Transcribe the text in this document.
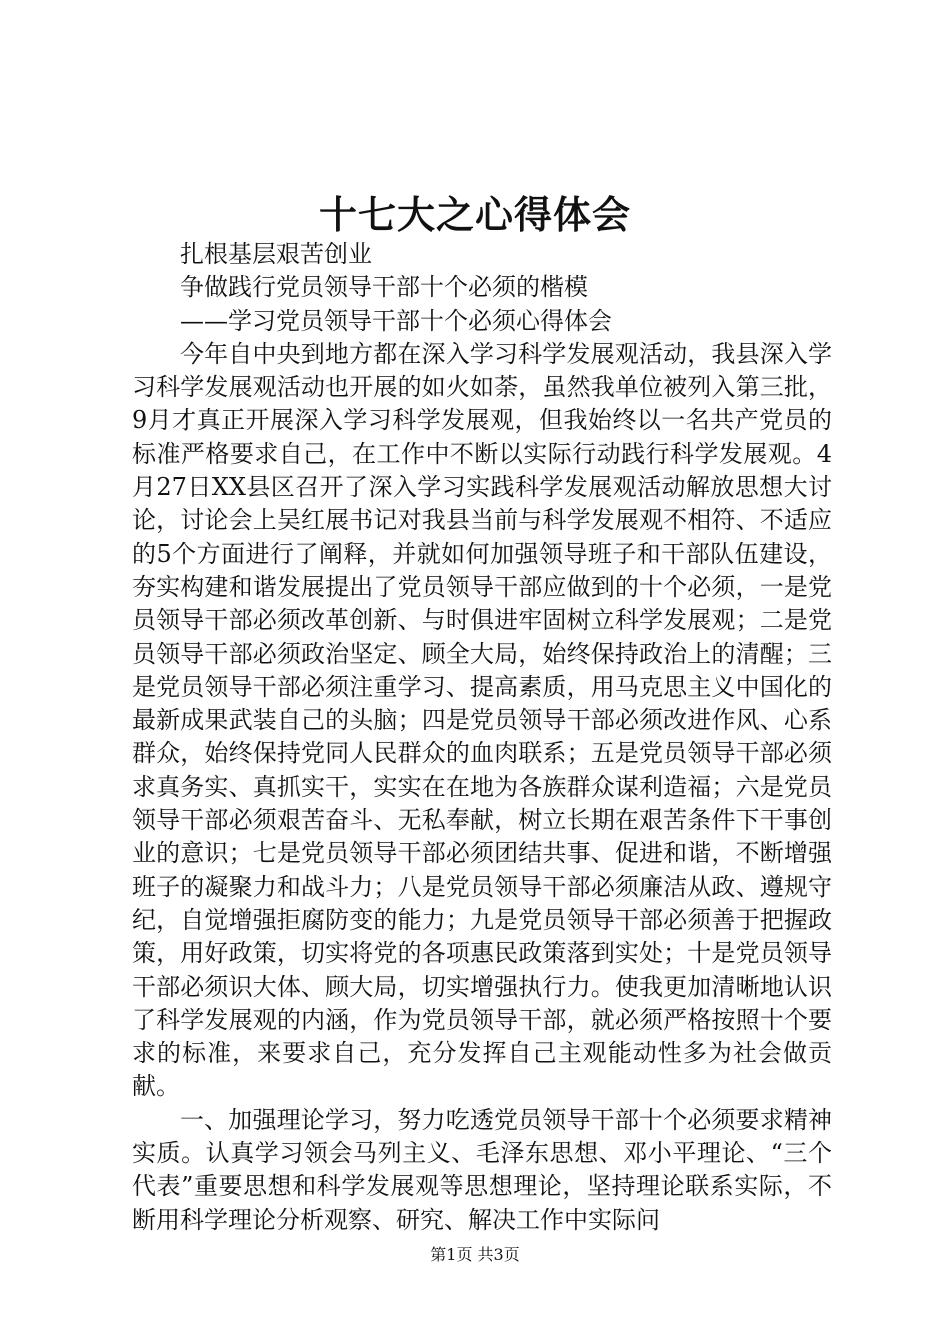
十七大之心得体会

扎根基层艰苦创业

争做践行党员领导干部十个必须的楷模

——学习党员领导干部十个必须心得体会

今年自中央到地方都在深入学习科学发展观活动，我县深入学习科学发展观活动也开展的如火如荼，虽然我单位被列入第三批，9月才真正开展深入学习科学发展观，但我始终以一名共产党员的标准严格要求自己，在工作中不断以实际行动践行科学发展观。4月27日XX县区召开了深入学习实践科学发展观活动解放思想大讨论，讨论会上吴红展书记对我县当前与科学发展观不相符、不适应的5个方面进行了阐释，并就如何加强领导班子和干部队伍建设，夯实构建和谐发展提出了党员领导干部应做到的十个必须，一是党员领导干部必须改革创新、与时俱进牢固树立科学发展观；二是党员领导干部必须政治坚定、顾全大局，始终保持政治上的清醒；三是党员领导干部必须注重学习、提高素质，用马克思主义中国化的最新成果武装自己的头脑；四是党员领导干部必须改进作风、心系群众，始终保持党同人民群众的血肉联系；五是党员领导干部必须求真务实、真抓实干，实实在在地为各族群众谋利造福；六是党员领导干部必须艰苦奋斗、无私奉献，树立长期在艰苦条件下干事创业的意识；七是党员领导干部必须团结共事、促进和谐，不断增强班子的凝聚力和战斗力；八是党员领导干部必须廉洁从政、遵规守纪，自觉增强拒腐防变的能力；九是党员领导干部必须善于把握政策，用好政策，切实将党的各项惠民政策落到实处；十是党员领导干部必须识大体、顾大局，切实增强执行力。使我更加清晰地认识了科学发展观的内涵，作为党员领导干部，就必须严格按照十个要求的标准，来要求自己，充分发挥自己主观能动性多为社会做贡献。

一、加强理论学习，努力吃透党员领导干部十个必须要求精神实质。认真学习领会马列主义、毛泽东思想、邓小平理论、“三个代表”重要思想和科学发展观等思想理论，坚持理论联系实际，不断用科学理论分析观察、研究、解决工作中实际问

第1页 共3页
